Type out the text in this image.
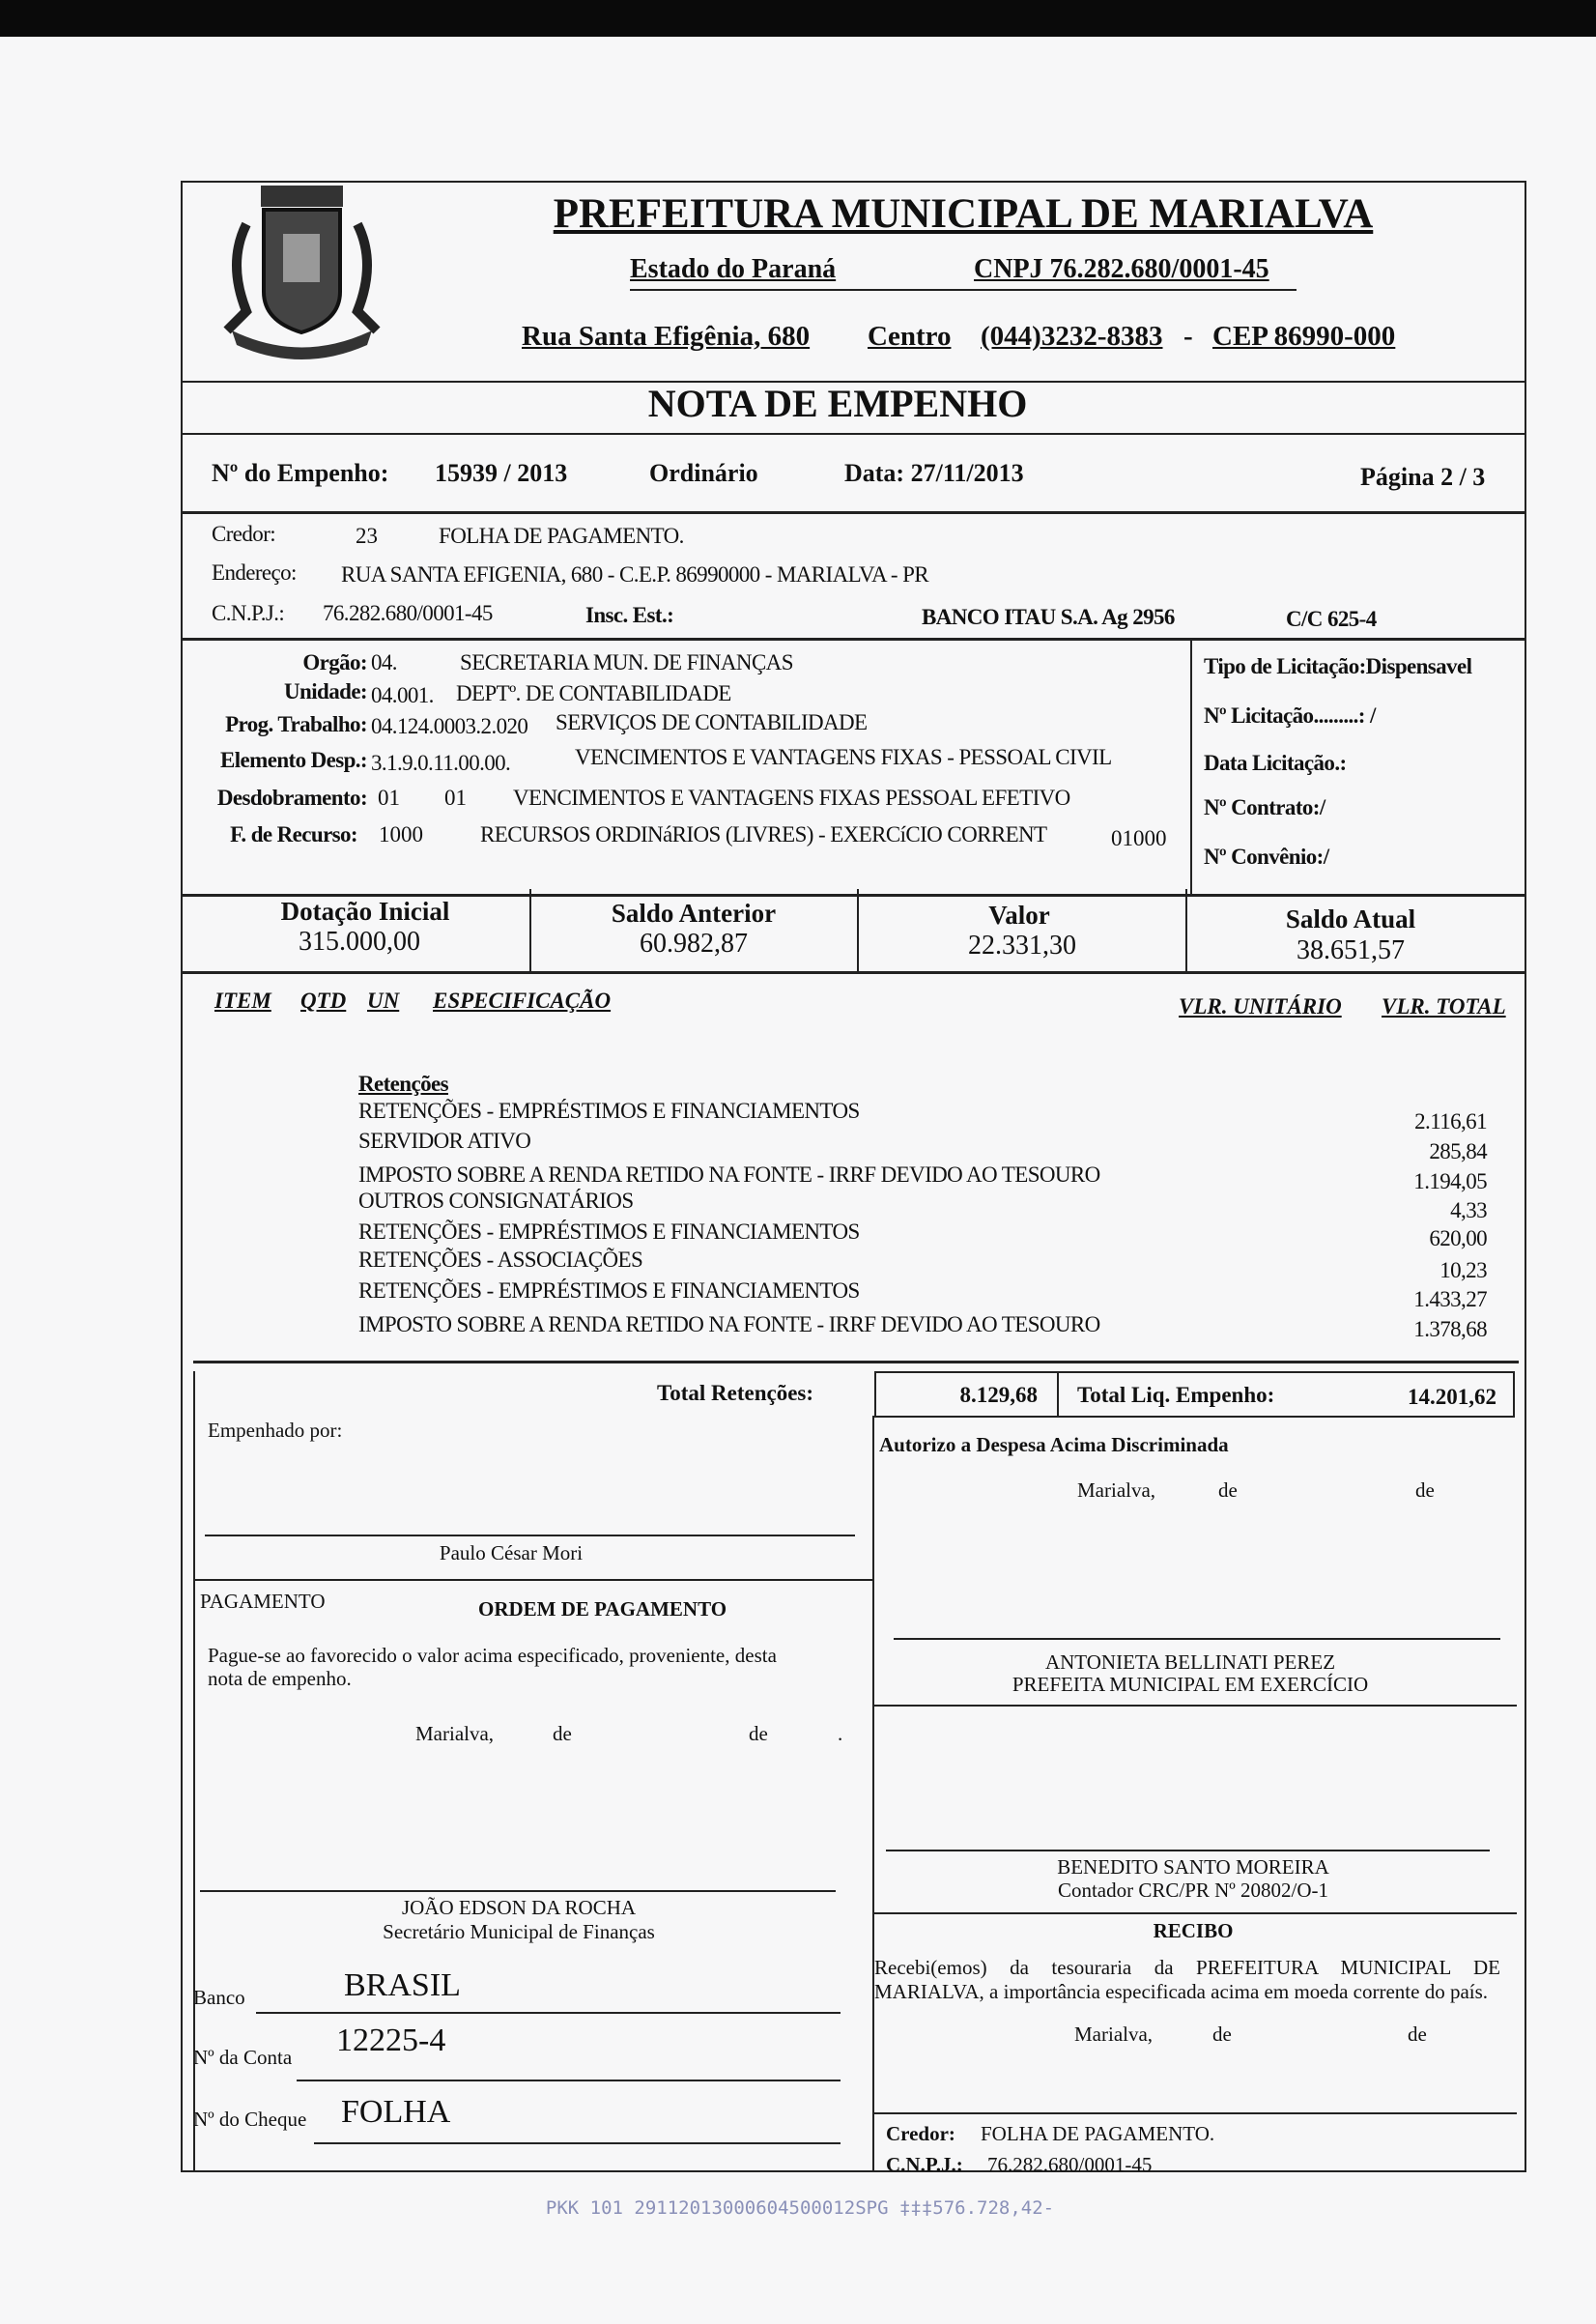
PREFEITURA MUNICIPAL DE MARIALVA
Estado do Paraná	CNPJ 76.282.680/0001-45
Rua Santa Efigênia, 680 Centro (044)3232-8383 - CEP 86990-000
NOTA DE EMPENHO
Nº do Empenho: 15939 / 2013	Ordinário	Data: 27/11/2013	Página 2 / 3
Credor:	23	FOLHA DE PAGAMENTO.
Endereço: RUA SANTA EFIGENIA, 680 - C.E.P. 86990000 - MARIALVA - PR
C.N.P.J.: 76.282.680/0001-45	Insc. Est.:	BANCO ITAU S.A. Ag 2956	C/C 625-4
Orgão: 04.	SECRETARIA MUN. DE FINANÇAS
Unidade: 04.001. DEPTº. DE CONTABILIDADE
Prog. Trabalho: 04.124.0003.2.020 SERVIÇOS DE CONTABILIDADE
Elemento Desp.: 3.1.9.0.11.00.00.	VENCIMENTOS E VANTAGENS FIXAS - PESSOAL CIVIL
Desdobramento: 01 01 VENCIMENTOS E VANTAGENS FIXAS PESSOAL EFETIVO
F. de Recurso: 1000	RECURSOS ORDINáRIOS (LIVRES) - EXERCíCIO CORRENT	01000
Tipo de Licitação:Dispensavel
Nº Licitação.........: /
Data Licitação.:
Nº Contrato:/
Nº Convênio:/
Dotação Inicial
315.000,00
Saldo Anterior
60.982,87
Valor
22.331,30
Saldo Atual
38.651,57
ITEM QTD UN ESPECIFICAÇÃO	VLR. UNITÁRIO VLR. TOTAL
Retenções
RETENÇÕES - EMPRÉSTIMOS E FINANCIAMENTOS	2.116,61
SERVIDOR ATIVO	285,84
IMPOSTO SOBRE A RENDA RETIDO NA FONTE - IRRF DEVIDO AO TESOURO	1.194,05
OUTROS CONSIGNATÁRIOS	4,33
RETENÇÕES - EMPRÉSTIMOS E FINANCIAMENTOS	620,00
RETENÇÕES - ASSOCIAÇÕES	10,23
RETENÇÕES - EMPRÉSTIMOS E FINANCIAMENTOS	1.433,27
IMPOSTO SOBRE A RENDA RETIDO NA FONTE - IRRF DEVIDO AO TESOURO	1.378,68
Total Retenções:	8.129,68 Total Liq. Empenho:	14.201,62
Empenhado por:
Paulo César Mori
PAGAMENTO	ORDEM DE PAGAMENTO
Pague-se ao favorecido o valor acima especificado, proveniente, desta
nota de empenho.
Marialva,	de	de	.
JOÃO EDSON DA ROCHA
Secretário Municipal de Finanças
Banco	BRASIL
Nº da Conta 12225-4
Nº do Cheque FOLHA
Autorizo a Despesa Acima Discriminada
Marialva,	de	de
ANTONIETA BELLINATI PEREZ
PREFEITA MUNICIPAL EM EXERCÍCIO
BENEDITO SANTO MOREIRA
Contador CRC/PR Nº 20802/O-1
RECIBO
Recebi(emos) da tesouraria da PREFEITURA MUNICIPAL DE MARIALVA, a importância especificada acima em moeda corrente do país.
Marialva,	de	de
Credor: FOLHA DE PAGAMENTO.
C.N.P.J.: 76.282.680/0001-45
PKK 101 29112013000604500012SPG ‡‡‡576.728,42-
